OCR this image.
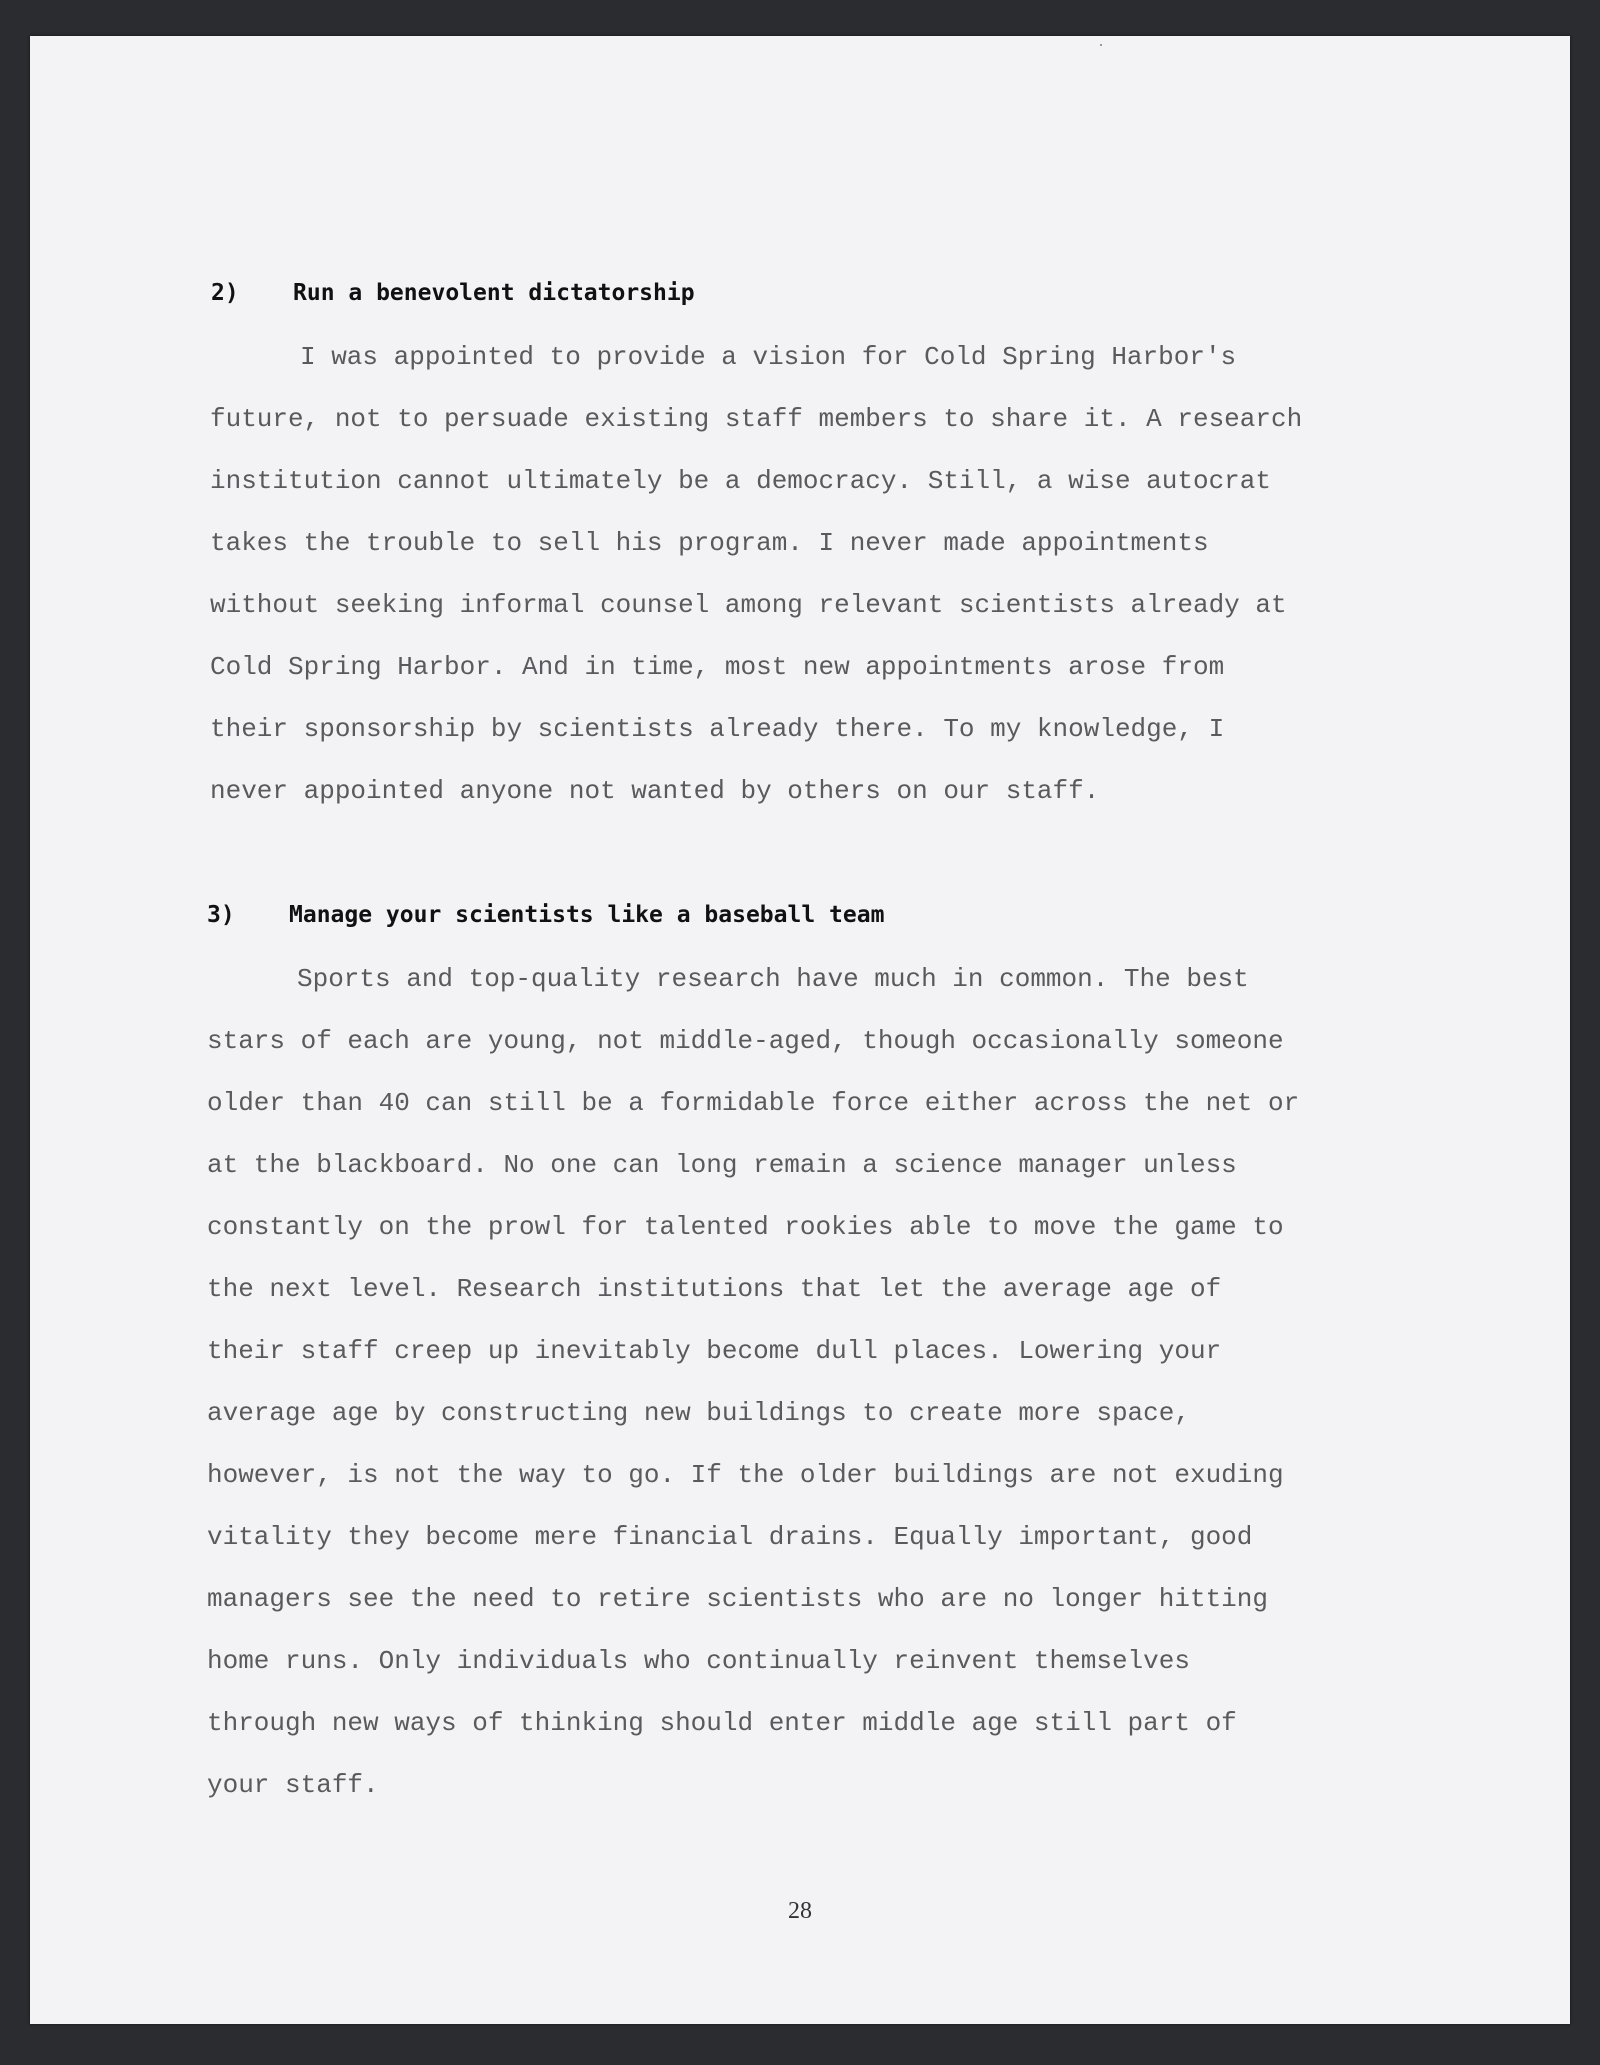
2) Run a benevolent dictatorship
I was appointed to provide a vision for Cold Spring Harbor's
future, not to persuade existing staff members to share it. A research
institution cannot ultimately be a democracy. Still, a wise autocrat
takes the trouble to sell his program. I never made appointments
without seeking informal counsel among relevant scientists already at
Cold Spring Harbor. And in time, most new appointments arose from
their sponsorship by scientists already there. To my knowledge, I
never appointed anyone not wanted by others on our staff.
3) Manage your scientists like a baseball team
Sports and top-quality research have much in common. The best
stars of each are young, not middle-aged, though occasionally someone
older than 40 can still be a formidable force either across the net or
at the blackboard. No one can long remain a science manager unless
constantly on the prowl for talented rookies able to move the game to
the next level. Research institutions that let the average age of
their staff creep up inevitably become dull places. Lowering your
average age by constructing new buildings to create more space,
however, is not the way to go. If the older buildings are not exuding
vitality they become mere financial drains. Equally important, good
managers see the need to retire scientists who are no longer hitting
home runs. Only individuals who continually reinvent themselves
through new ways of thinking should enter middle age still part of
your staff.
28
